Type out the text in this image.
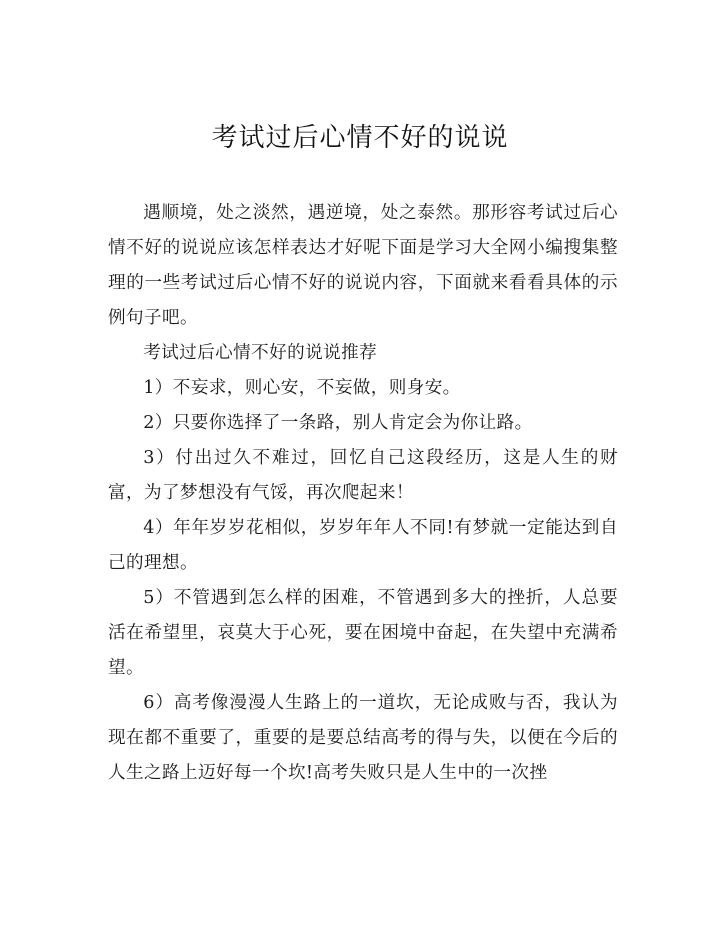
考试过后心情不好的说说

遇顺境，处之淡然，遇逆境，处之泰然。那形容考试过后心情不好的说说应该怎样表达才好呢下面是学习大全网小编搜集整理的一些考试过后心情不好的说说内容，下面就来看看具体的示例句子吧。

考试过后心情不好的说说推荐

1）不妄求，则心安，不妄做，则身安。

2）只要你选择了一条路，别人肯定会为你让路。

3）付出过久不难过，回忆自己这段经历，这是人生的财富，为了梦想没有气馁，再次爬起来！

4）年年岁岁花相似，岁岁年年人不同!有梦就一定能达到自己的理想。

5）不管遇到怎么样的困难，不管遇到多大的挫折，人总要活在希望里，哀莫大于心死，要在困境中奋起，在失望中充满希望。

6）高考像漫漫人生路上的一道坎，无论成败与否，我认为现在都不重要了，重要的是要总结高考的得与失，以便在今后的人生之路上迈好每一个坎!高考失败只是人生中的一次挫
